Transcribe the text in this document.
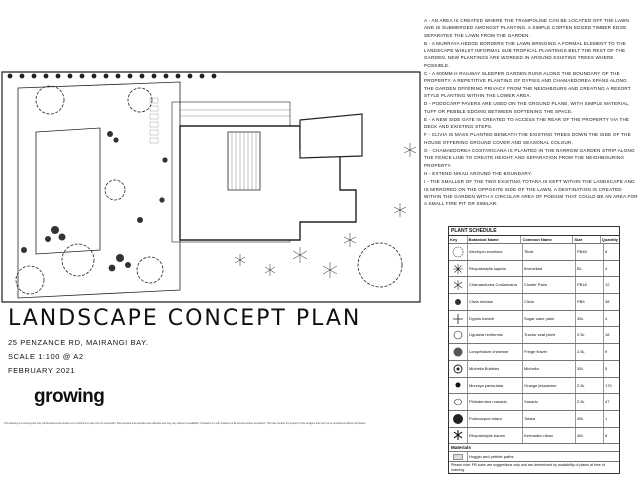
LANDSCAPE CONCEPT PLAN
25 PENZANCE RD, MAIRANGI BAY.
SCALE 1:100 @ A2
FEBRUARY 2021
growing
This drawing is a concept plan only. All dimensions and levels to be confirmed on site prior to construction. Plant species and quantities are indicative and may vary subject to availability. Contractor to verify locations of all services before excavation. This plan remains the property of the designer and may not be reproduced without permission.

A - AN AREA IS CREATED WHERE THE TRAMPOLINE CAN BE LOCATED OFF THE LAWN AND IS SUBMERGED AMONGST PLANTING. A SIMPLE CORTEN EDGED TIMBER EDGE SEPARATES THE LAWN FROM THE GARDEN.

B - A MURRAYA HEDGE BORDERS THE LAWN BRINGING A FORMAL ELEMENT TO THE LANDSCAPE WHILST INFORMAL SUB TROPICAL PLANTINGS BELT THE REST OF THE GARDEN. NEW PLANTINGS ARE WORKED IN AROUND EXISTING TREES WHERE POSSIBLE.

C - A 600MM H RAILWAY SLEEPER GARDEN RUNS ALONG THE BOUNDARY OF THE PROPERTY. A REPETITIVE PLANTING OF DYPSIS AND CHAMAEDOREA SPANS ALONG THE GARDEN OFFERING PRIVACY FROM THE NEIGHBOURS AND CREATING A RESORT STYLE PLANTING WITHIN THE LOWER AREA.

D - PODOCARP PAVERS ARE USED ON THE GROUND PLANE, WITH SIMPLE MATERIAL, TUFF OR PEBBLE EDGING BETWEEN SOFTENING THE SPACE.

E - A NEW SIDE GATE IS CREATED TO ACCESS THE REAR OF THE PROPERTY VIA THE DECK AND EXISTING STEPS.

F - CLIVIA IS MASS PLANTED BENEATH THE EXISTING TREES DOWN THE SIDE OF THE HOUSE OFFERING GROUND COVER AND SEASONAL COLOUR.

G - CHAMAEDOREA COSTARICANA IS PLANTED IN THE NARROW GARDEN STRIP ALONG THE FENCE LINE TO CREATE HEIGHT AND SEPARATION FROM THE NEIGHBOURING PROPERTY.

H - EXTEND NIKAU AROUND THE BOUNDARY.

I - THE SMALLER OF THE TWO EXISTING TOTARA IS KEPT WITHIN THE LANDSCAPE AND IS MIRRORED ON THE OPPOSITE SIDE OF THE LAWN. A DESTINATION IS CREATED WITHIN THE GARDEN WITH A CIRCULAR AREA OF PODIUM THAT COULD BE AN AREA FOR A SMALL FIRE PIT OR SIMILAR.

PLANT SCHEDULE
Key	Botanical Name	Common Name	Size	Quantity
Alectryon excelsus	Titoki	PB45	6
Rhopalostylis sapida	Bromeliad	BL	4
Chamaedorea Costaricana	Cluster Palm	PB18	12
Clivia miniata	Clivia	PB5	38
Dypsis baronii	Sugar cane palm	45L	4
Ligularia reniformis	Tractor seat plant	2.5L	18
Loropetalum chinense	Fringe flower	2.5L	9
Michelia Bubbles	Michelia	35L	5
Murraya paniculata	Orange jessamine	2.5L	170
Philodendron xanadu	Xanadu	2.5L	47
Podocarpus totara	Totara	45L	1
Rhopalostylis baueri	Kermadec nikau	45L	8
Materials
Hoggin and pebble paths
Please note: PB sizes are suggestions only and are determined by availability of plants at time of ordering.
